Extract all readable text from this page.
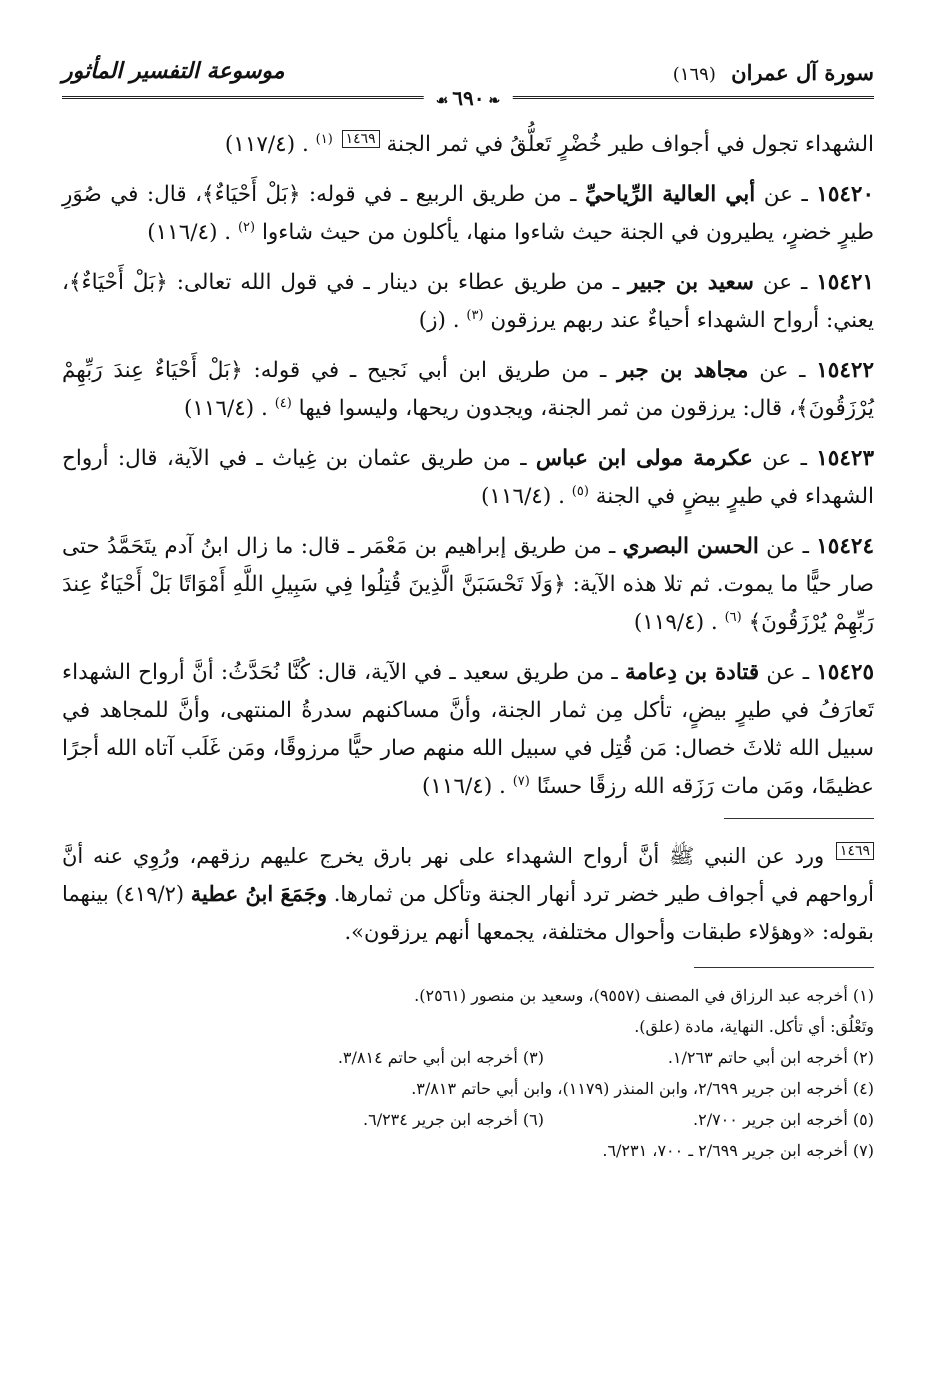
سورة آل عمران (١٦٩)
موسوعة التفسير المأثور
❧٦٩٠☙

الشهداء تجول في أجواف طير خُضْرٍ تَعلُّقُ في ثمر الجنة ١٤٦٩ $^{(١)}$ . (١١٧/٤)

١٥٤٢٠ ـ عن أبي العالية الرِّياحيِّ ـ من طريق الربيع ـ في قوله: ﴿بَلْ أَحْيَاءٌ﴾، قال: في صُوَرِ طيرٍ خضرٍ، يطيرون في الجنة حيث شاءوا منها، يأكلون من حيث شاءوا $^{(٢)}$ . (١١٦/٤)

١٥٤٢١ ـ عن سعيد بن جبير ـ من طريق عطاء بن دينار ـ في قول الله تعالى: ﴿بَلْ أَحْيَاءٌ﴾، يعني: أرواح الشهداء أحياءٌ عند ربهم يرزقون $^{(٣)}$ . (ز)

١٥٤٢٢ ـ عن مجاهد بن جبر ـ من طريق ابن أبي نَجيح ـ في قوله: ﴿بَلْ أَحْيَاءٌ عِندَ رَبِّهِمْ يُرْزَقُونَ﴾، قال: يرزقون من ثمر الجنة، ويجدون ريحها، وليسوا فيها $^{(٤)}$ . (١١٦/٤)

١٥٤٢٣ ـ عن عكرمة مولى ابن عباس ـ من طريق عثمان بن غِياث ـ في الآية، قال: أرواح الشهداء في طيرٍ بيضٍ في الجنة $^{(٥)}$ . (١١٦/٤)

١٥٤٢٤ ـ عن الحسن البصري ـ من طريق إبراهيم بن مَعْمَر ـ قال: ما زال ابنُ آدم يتَحَمَّدُ حتى صار حيًّا ما يموت. ثم تلا هذه الآية: ﴿وَلَا تَحْسَبَنَّ الَّذِينَ قُتِلُوا فِي سَبِيلِ اللَّهِ أَمْوَاتًا بَلْ أَحْيَاءٌ عِندَ رَبِّهِمْ يُرْزَقُونَ﴾ $^{(٦)}$ . (١١٩/٤)

١٥٤٢٥ ـ عن قتادة بن دِعامة ـ من طريق سعيد ـ في الآية، قال: كُنَّا نُحَدَّثُ: أنَّ أرواح الشهداء تَعارَفُ في طيرٍ بيضٍ، تأكل مِن ثمار الجنة، وأنَّ مساكنهم سدرةُ المنتهى، وأنَّ للمجاهد في سبيل الله ثلاثَ خصال: مَن قُتِل في سبيل الله منهم صار حيًّا مرزوقًا، ومَن غَلَب آتاه الله أجرًا عظيمًا، ومَن مات رَزَقه الله رزقًا حسنًا $^{(٧)}$ . (١١٦/٤)

١٤٦٩ ورد عن النبي ﷺ أنَّ أرواح الشهداء على نهر بارق يخرج عليهم رزقهم، ورُوِي عنه أنَّ أرواحهم في أجواف طير خضر ترد أنهار الجنة وتأكل من ثمارها. وجَمَعَ ابنُ عطية (٤١٩/٢) بينهما بقوله: «وهؤلاء طبقات وأحوال مختلفة، يجمعها أنهم يرزقون».
(١) أخرجه عبد الرزاق في المصنف (٩٥٥٧)، وسعيد بن منصور (٢٥٦١).
وتَعْلُق: أي تأكل. النهاية، مادة (علق).
(٢) أخرجه ابن أبي حاتم ١/٢٦٣.
(٣) أخرجه ابن أبي حاتم ٣/٨١٤.
(٤) أخرجه ابن جرير ٢/٦٩٩، وابن المنذر (١١٧٩)، وابن أبي حاتم ٣/٨١٣.
(٥) أخرجه ابن جرير ٢/٧٠٠.
(٦) أخرجه ابن جرير ٦/٢٣٤.
(٧) أخرجه ابن جرير ٢/٦٩٩ ـ ٧٠٠، ٦/٢٣١.
